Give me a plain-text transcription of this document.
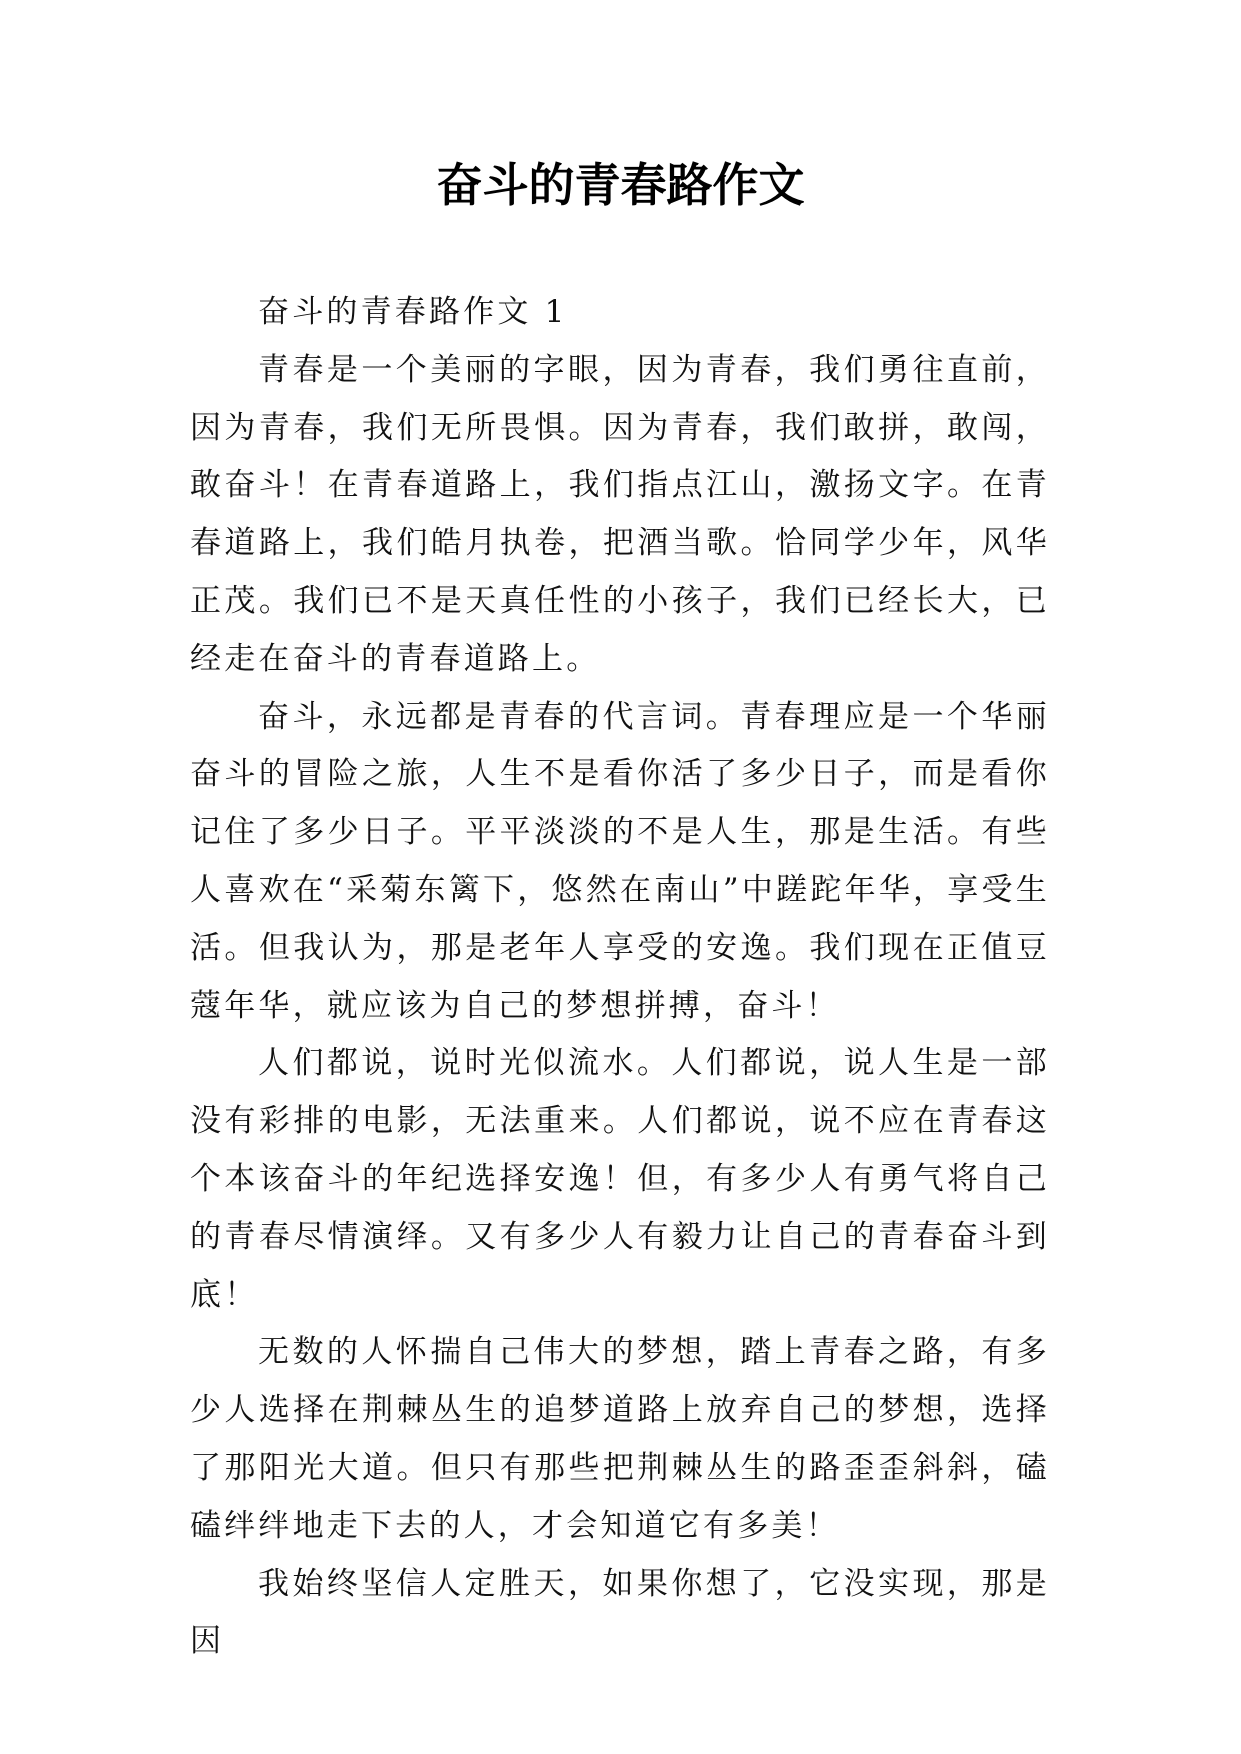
奋斗的青春路作文

奋斗的青春路作文 1

青春是一个美丽的字眼，因为青春，我们勇往直前，因为青春，我们无所畏惧。因为青春，我们敢拼，敢闯，敢奋斗！在青春道路上，我们指点江山，激扬文字。在青春道路上，我们皓月执卷，把酒当歌。恰同学少年，风华正茂。我们已不是天真任性的小孩子，我们已经长大，已经走在奋斗的青春道路上。

奋斗，永远都是青春的代言词。青春理应是一个华丽奋斗的冒险之旅，人生不是看你活了多少日子，而是看你记住了多少日子。平平淡淡的不是人生，那是生活。有些人喜欢在“采菊东篱下，悠然在南山”中蹉跎年华，享受生活。但我认为，那是老年人享受的安逸。我们现在正值豆蔻年华，就应该为自己的梦想拼搏，奋斗！

人们都说，说时光似流水。人们都说，说人生是一部没有彩排的电影，无法重来。人们都说，说不应在青春这个本该奋斗的年纪选择安逸！但，有多少人有勇气将自己的青春尽情演绎。又有多少人有毅力让自己的青春奋斗到底！

无数的人怀揣自己伟大的梦想，踏上青春之路，有多少人选择在荆棘丛生的追梦道路上放弃自己的梦想，选择了那阳光大道。但只有那些把荆棘丛生的路歪歪斜斜，磕磕绊绊地走下去的人，才会知道它有多美！

我始终坚信人定胜天，如果你想了，它没实现，那是因
